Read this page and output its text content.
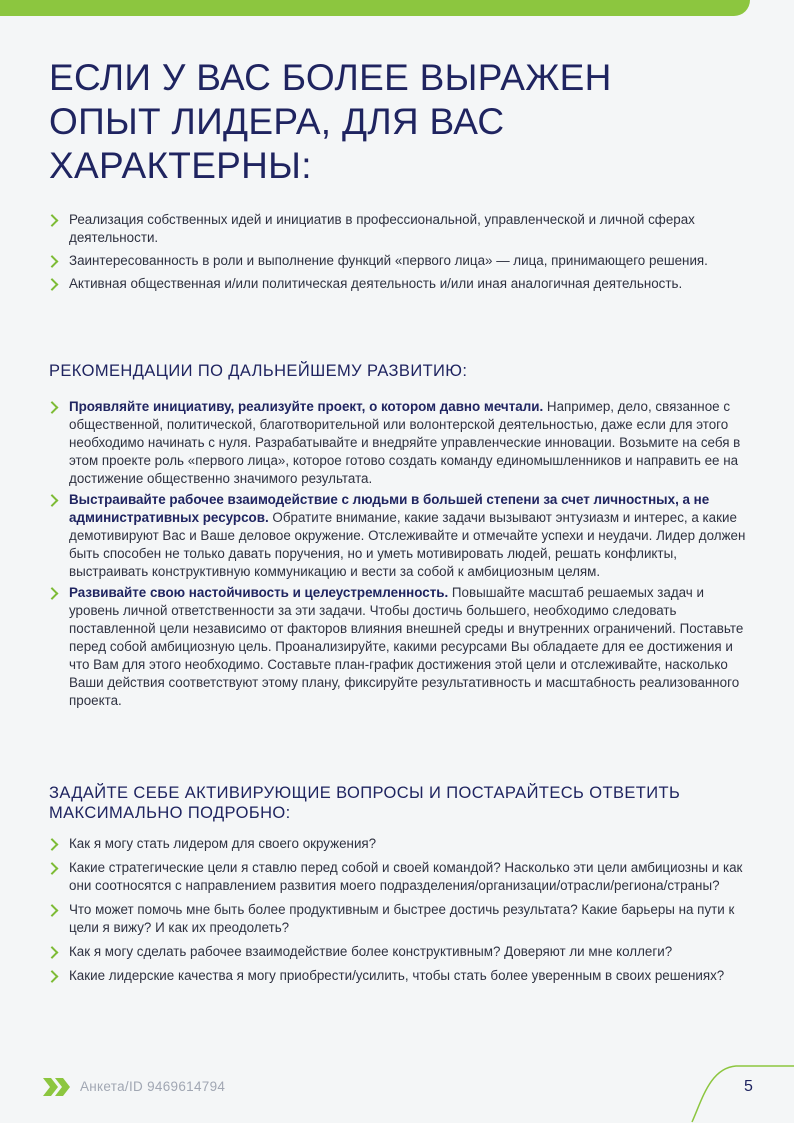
ЕСЛИ У ВАС БОЛЕЕ ВЫРАЖЕН ОПЫТ ЛИДЕРА, ДЛЯ ВАС ХАРАКТЕРНЫ:
Реализация собственных идей и инициатив в профессиональной, управленческой и личной сферах деятельности.
Заинтересованность в роли и выполнение функций «первого лица» — лица, принимающего решения.
Активная общественная и/или политическая деятельность и/или иная аналогичная деятельность.
РЕКОМЕНДАЦИИ ПО ДАЛЬНЕЙШЕМУ РАЗВИТИЮ:
Проявляйте инициативу, реализуйте проект, о котором давно мечтали. Например, дело, связанное с общественной, политической, благотворительной или волонтерской деятельностью, даже если для этого необходимо начинать с нуля. Разрабатывайте и внедряйте управленческие инновации. Возьмите на себя в этом проекте роль «первого лица», которое готово создать команду единомышленников и направить ее на достижение общественно значимого результата.
Выстраивайте рабочее взаимодействие с людьми в большей степени за счет личностных, а не административных ресурсов. Обратите внимание, какие задачи вызывают энтузиазм и интерес, а какие демотивируют Вас и Ваше деловое окружение. Отслеживайте и отмечайте успехи и неудачи. Лидер должен быть способен не только давать поручения, но и уметь мотивировать людей, решать конфликты, выстраивать конструктивную коммуникацию и вести за собой к амбициозным целям.
Развивайте свою настойчивость и целеустремленность. Повышайте масштаб решаемых задач и уровень личной ответственности за эти задачи. Чтобы достичь большего, необходимо следовать поставленной цели независимо от факторов влияния внешней среды и внутренних ограничений. Поставьте перед собой амбициозную цель. Проанализируйте, какими ресурсами Вы обладаете для ее достижения и что Вам для этого необходимо. Составьте план-график достижения этой цели и отслеживайте, насколько Ваши действия соответствуют этому плану, фиксируйте результативность и масштабность реализованного проекта.
ЗАДАЙТЕ СЕБЕ АКТИВИРУЮЩИЕ ВОПРОСЫ И ПОСТАРАЙТЕСЬ ОТВЕТИТЬ МАКСИМАЛЬНО ПОДРОБНО:
Как я могу стать лидером для своего окружения?
Какие стратегические цели я ставлю перед собой и своей командой? Насколько эти цели амбициозны и как они соотносятся с направлением развития моего подразделения/организации/отрасли/региона/страны?
Что может помочь мне быть более продуктивным и быстрее достичь результата? Какие барьеры на пути к цели я вижу? И как их преодолеть?
Как я могу сделать рабочее взаимодействие более конструктивным? Доверяют ли мне коллеги?
Какие лидерские качества я могу приобрести/усилить, чтобы стать более уверенным в своих решениях?
Анкета/ID 9469614794	5
